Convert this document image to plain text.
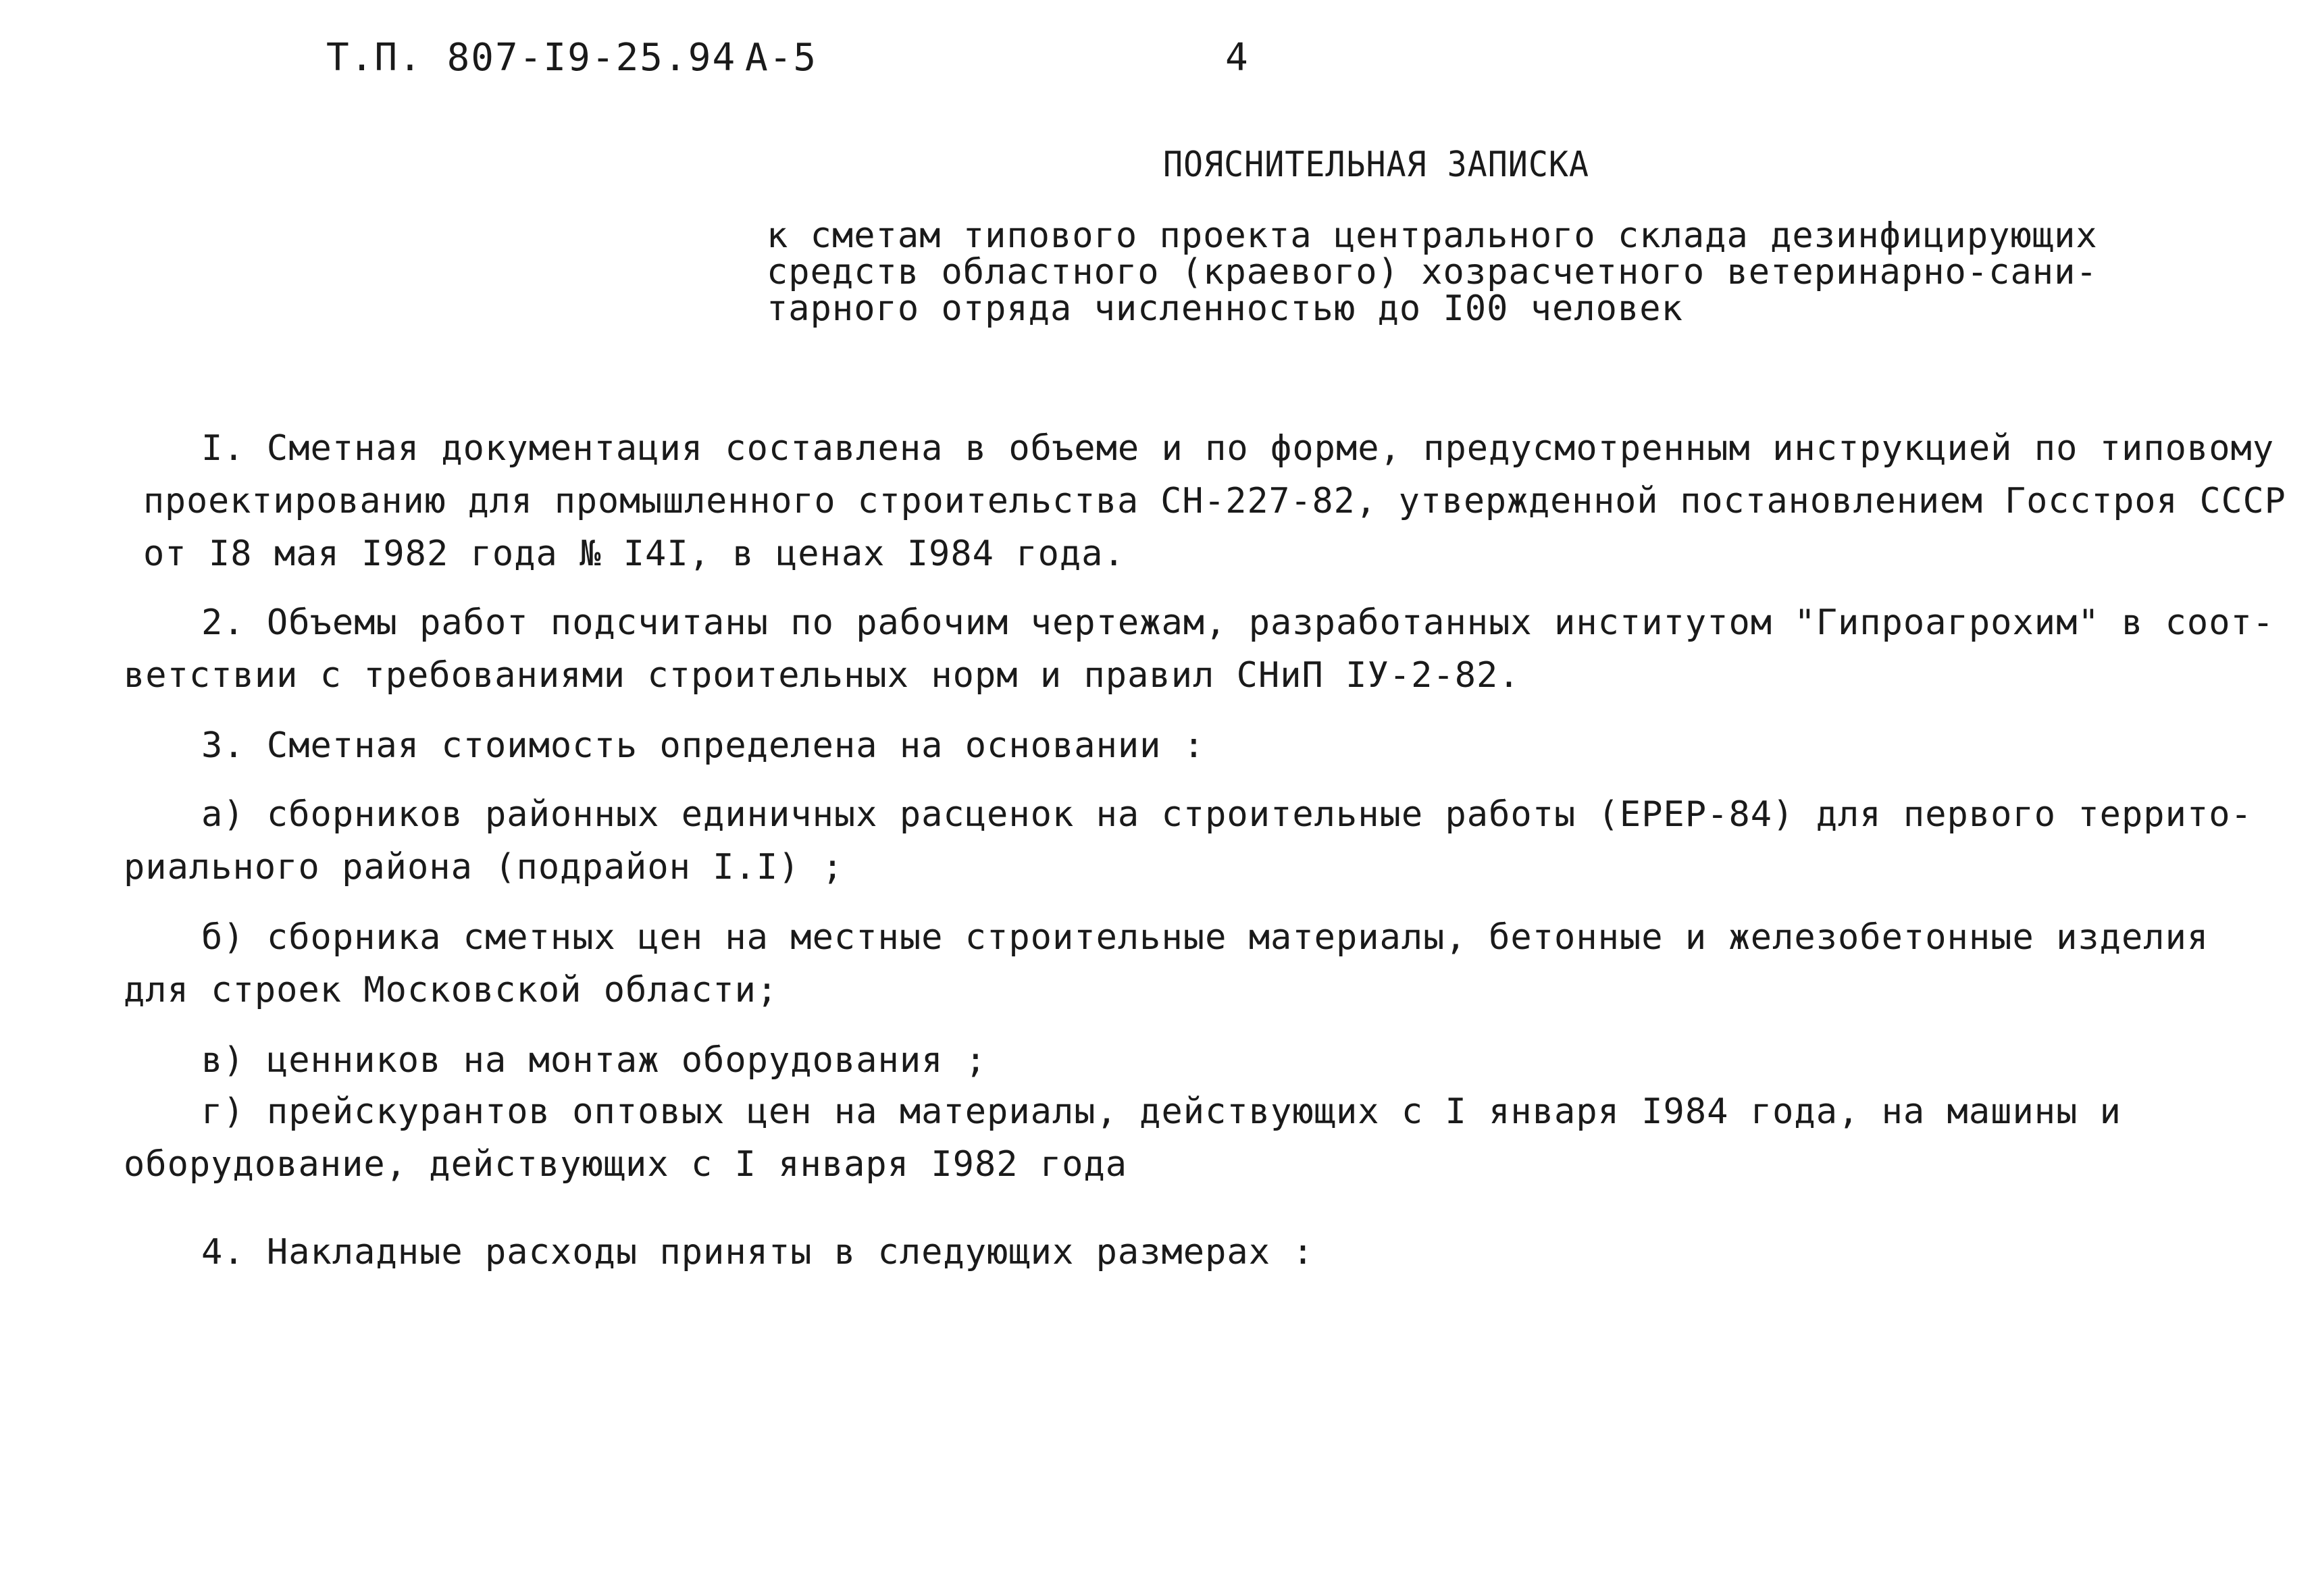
Т.П. 807-I9-25.94 А-5	4
ПОЯСНИТЕЛЬНАЯ ЗАПИСКА
к сметам типового проекта центрального склада дезинфицирующих
средств областного (краевого) хозрасчетного ветеринарно-сани-
тарного отряда численностью до I00 человек
I. Сметная документация составлена в объеме и по форме, предусмотренным инструкцией по типовому
проектированию для промышленного строительства СН-227-82, утвержденной постановлением Госстроя СССР
от I8 мая I982 года № I4I, в ценах I984 года.
2. Объемы работ подсчитаны по рабочим чертежам, разработанных институтом "Гипроагрохим" в соот-
ветствии с требованиями строительных норм и правил СНиП IУ-2-82.
3. Сметная стоимость определена на основании :
а) сборников районных единичных расценок на строительные работы (ЕРЕР-84) для первого террито-
риального района (подрайон I.I) ;
б) сборника сметных цен на местные строительные материалы, бетонные и железобетонные изделия
для строек Московской области;
в) ценников на монтаж оборудования ;
г) прейскурантов оптовых цен на материалы, действующих с I января I984 года, на машины и
оборудование, действующих с I января I982 года
4. Накладные расходы приняты в следующих размерах :
